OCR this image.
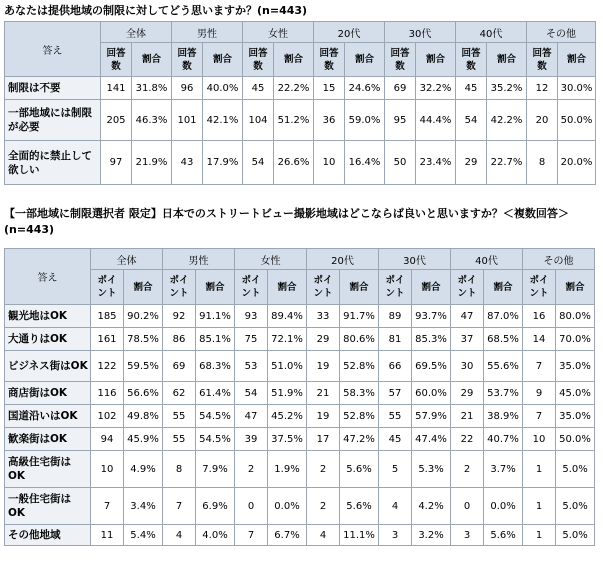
あなたは提供地域の制限に対してどう思いますか？(n=443)
答え	全体		男性		女性		20代		30代		40代		その他	
	回答数	割合	回答数	割合	回答数	割合	回答数	割合	回答数	割合	回答数	割合	回答数	割合
制限は不要	141	31.8%	96	40.0%	45	22.2%	15	24.6%	69	32.2%	45	35.2%	12	30.0%
一部地域には制限が必要	205	46.3%	101	42.1%	104	51.2%	36	59.0%	95	44.4%	54	42.2%	20	50.0%
全面的に禁止して欲しい	97	21.9%	43	17.9%	54	26.6%	10	16.4%	50	23.4%	29	22.7%	8	20.0%
【一部地域に制限選択者 限定】日本でのストリートビュー撮影地域はどこならば良いと思いますか？＜複数回答＞(n=443)
答え	全体		男性		女性		20代		30代		40代		その他	
	ポイント	割合	ポイント	割合	ポイント	割合	ポイント	割合	ポイント	割合	ポイント	割合	ポイント	割合
観光地はOK	185	90.2%	92	91.1%	93	89.4%	33	91.7%	89	93.7%	47	87.0%	16	80.0%
大通りはOK	161	78.5%	86	85.1%	75	72.1%	29	80.6%	81	85.3%	37	68.5%	14	70.0%
ビジネス街はOK	122	59.5%	69	68.3%	53	51.0%	19	52.8%	66	69.5%	30	55.6%	7	35.0%
商店街はOK	116	56.6%	62	61.4%	54	51.9%	21	58.3%	57	60.0%	29	53.7%	9	45.0%
国道沿いはOK	102	49.8%	55	54.5%	47	45.2%	19	52.8%	55	57.9%	21	38.9%	7	35.0%
歓楽街はOK	94	45.9%	55	54.5%	39	37.5%	17	47.2%	45	47.4%	22	40.7%	10	50.0%
高級住宅街はOK	10	4.9%	8	7.9%	2	1.9%	2	5.6%	5	5.3%	2	3.7%	1	5.0%
一般住宅街はOK	7	3.4%	7	6.9%	0	0.0%	2	5.6%	4	4.2%	0	0.0%	1	5.0%
その他地域	11	5.4%	4	4.0%	7	6.7%	4	11.1%	3	3.2%	3	5.6%	1	5.0%
